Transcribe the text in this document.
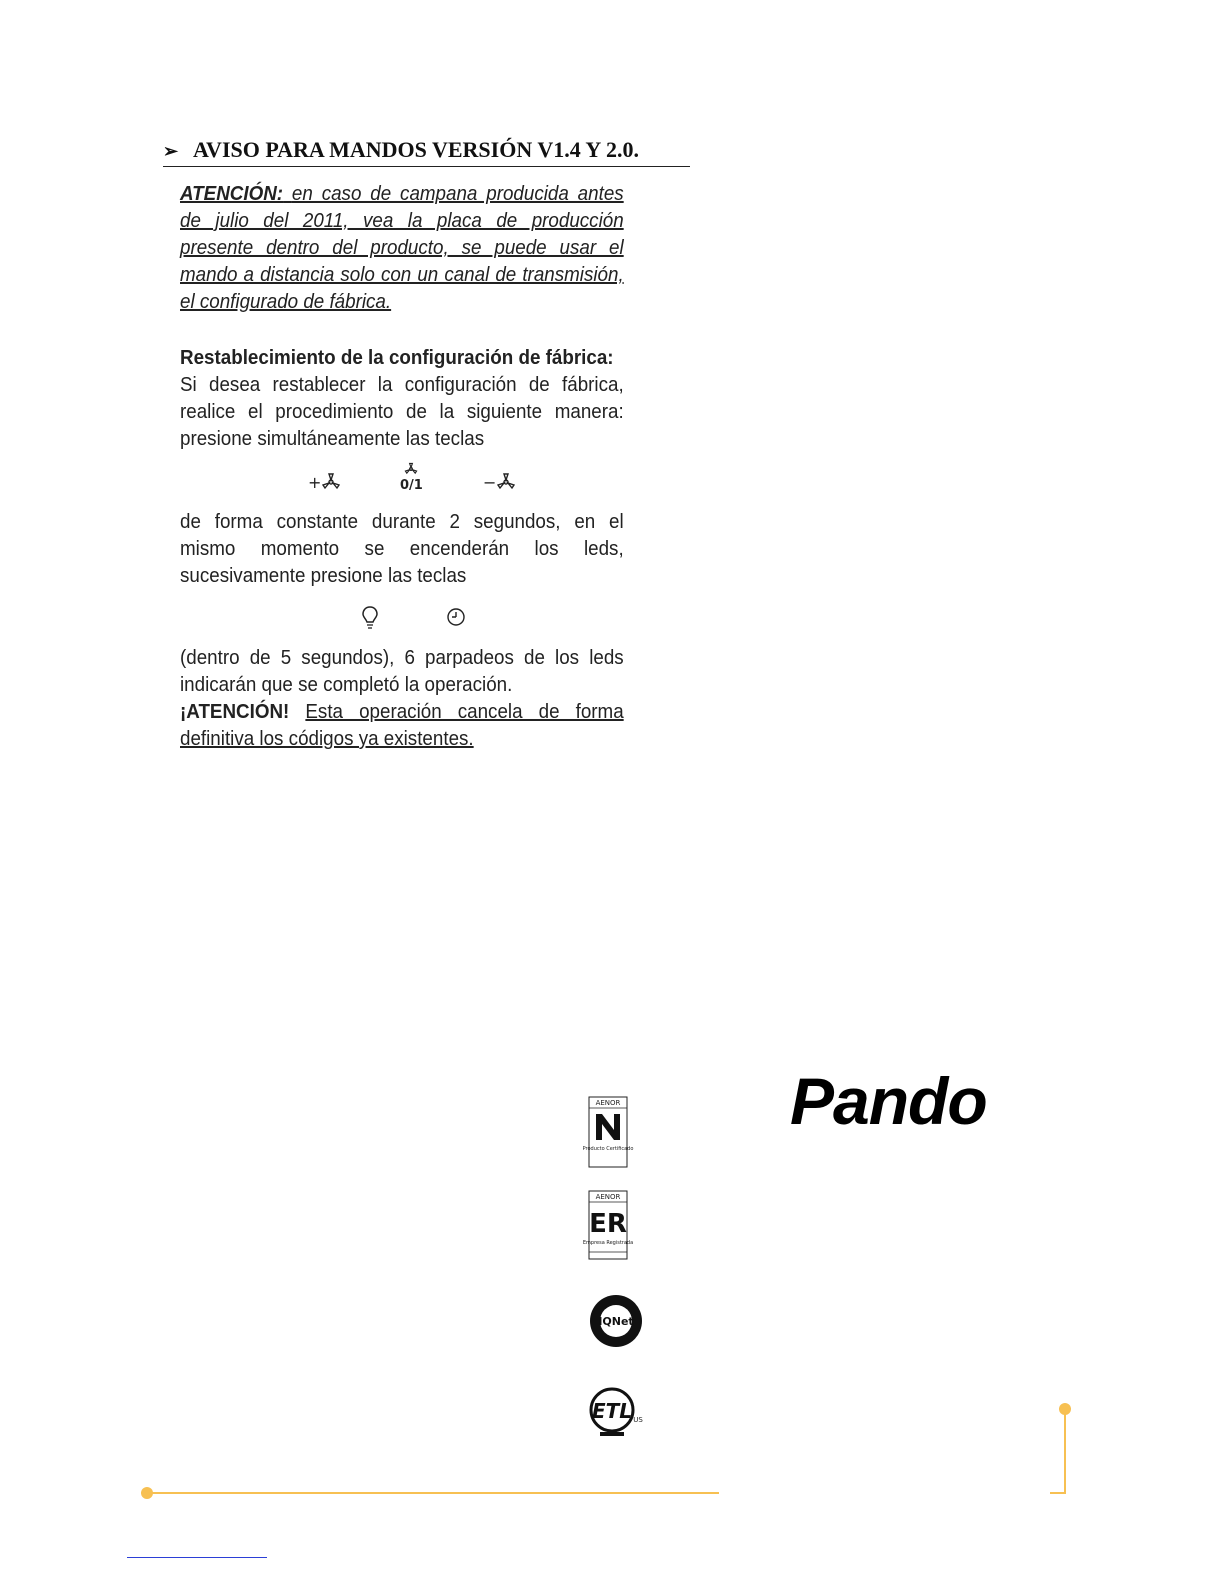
➢ AVISO PARA MANDOS VERSIÓN V1.4 Y 2.0.
ATENCIÓN: en caso de campana producida antes de julio del 2011, vea la placa de producción presente dentro del producto, se puede usar el mando a distancia solo con un canal de transmisión, el configurado de fábrica.
Restablecimiento de la configuración de fábrica:
Si desea restablecer la configuración de fábrica, realice el procedimiento de la siguiente manera: presione simultáneamente las teclas
+	0/1	−
de forma constante durante 2 segundos, en el mismo momento se encenderán los leds, sucesivamente presione las teclas
(dentro de 5 segundos), 6 parpadeos de los leds indicarán que se completó la operación.
¡ATENCIÓN! Esta operación cancela de forma definitiva los códigos ya existentes.
AENOR
Producto Certificado
AENOR
ER
Empresa Registrada
IQNet
ETL US
Pando
